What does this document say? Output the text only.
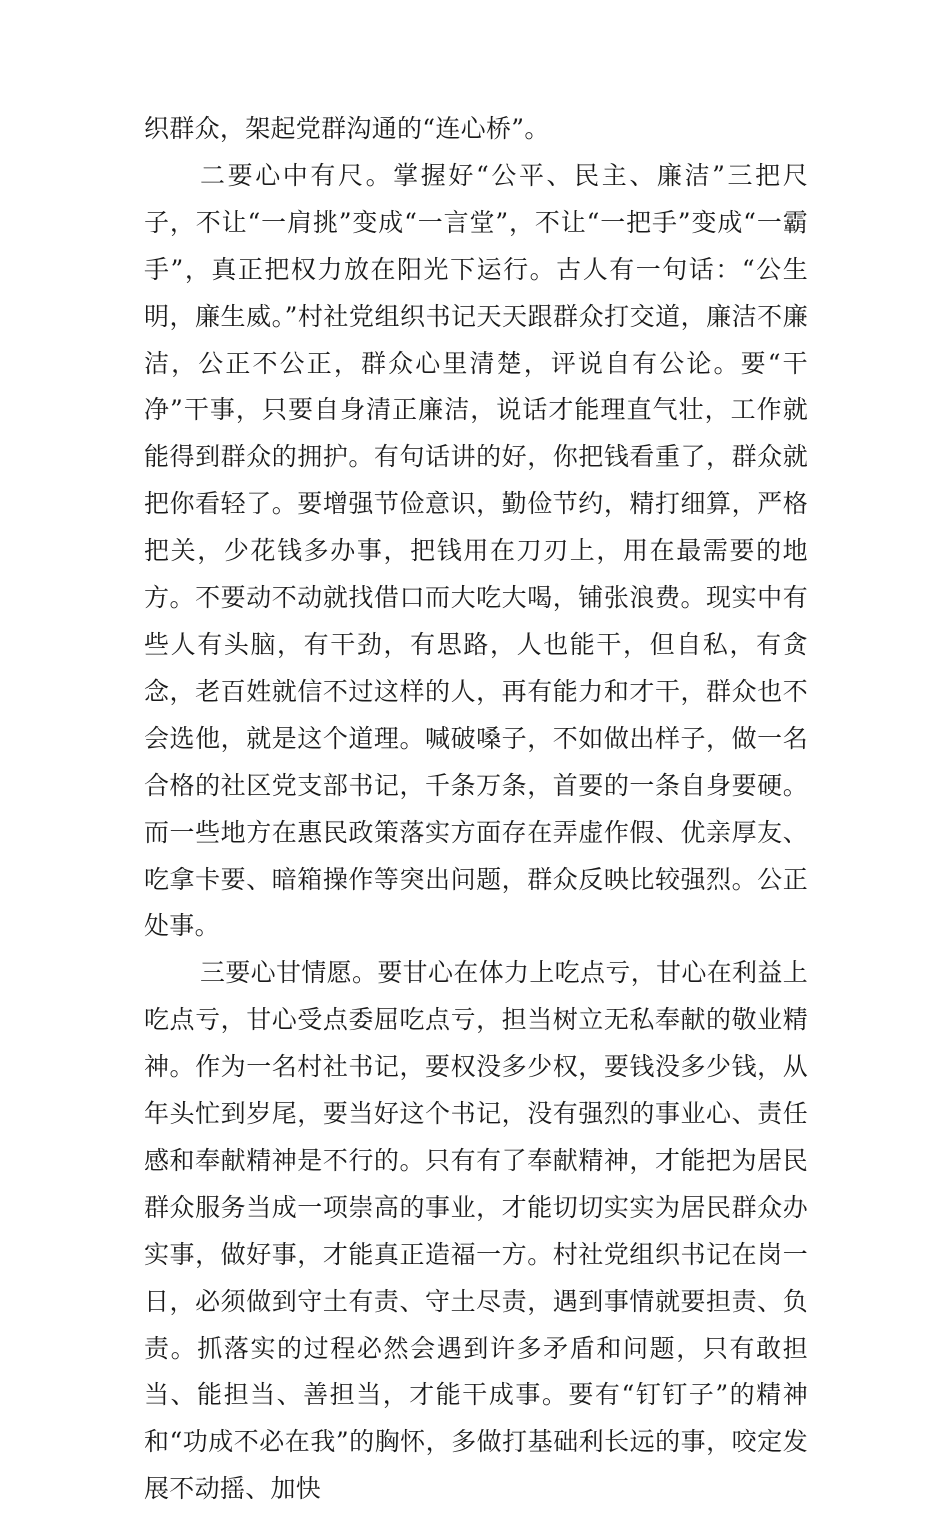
织群众，架起党群沟通的“连心桥”。

二要心中有尺。掌握好“公平、民主、廉洁”三把尺子，不让“一肩挑”变成“一言堂”，不让“一把手”变成“一霸手”，真正把权力放在阳光下运行。古人有一句话：“公生明，廉生威。”村社党组织书记天天跟群众打交道，廉洁不廉洁，公正不公正，群众心里清楚，评说自有公论。要“干净”干事，只要自身清正廉洁，说话才能理直气壮，工作就能得到群众的拥护。有句话讲的好，你把钱看重了，群众就把你看轻了。要增强节俭意识，勤俭节约，精打细算，严格把关，少花钱多办事，把钱用在刀刃上，用在最需要的地方。不要动不动就找借口而大吃大喝，铺张浪费。现实中有些人有头脑，有干劲，有思路，人也能干，但自私，有贪念，老百姓就信不过这样的人，再有能力和才干，群众也不会选他，就是这个道理。喊破嗓子，不如做出样子，做一名合格的社区党支部书记，千条万条，首要的一条自身要硬。而一些地方在惠民政策落实方面存在弄虚作假、优亲厚友、吃拿卡要、暗箱操作等突出问题，群众反映比较强烈。公正处事。

三要心甘情愿。要甘心在体力上吃点亏，甘心在利益上吃点亏，甘心受点委屈吃点亏，担当树立无私奉献的敬业精神。作为一名村社书记，要权没多少权，要钱没多少钱，从年头忙到岁尾，要当好这个书记，没有强烈的事业心、责任感和奉献精神是不行的。只有有了奉献精神，才能把为居民群众服务当成一项崇高的事业，才能切切实实为居民群众办实事，做好事，才能真正造福一方。村社党组织书记在岗一日，必须做到守土有责、守土尽责，遇到事情就要担责、负责。抓落实的过程必然会遇到许多矛盾和问题，只有敢担当、能担当、善担当，才能干成事。要有“钉钉子”的精神和“功成不必在我”的胸怀，多做打基础利长远的事，咬定发展不动摇、加快
